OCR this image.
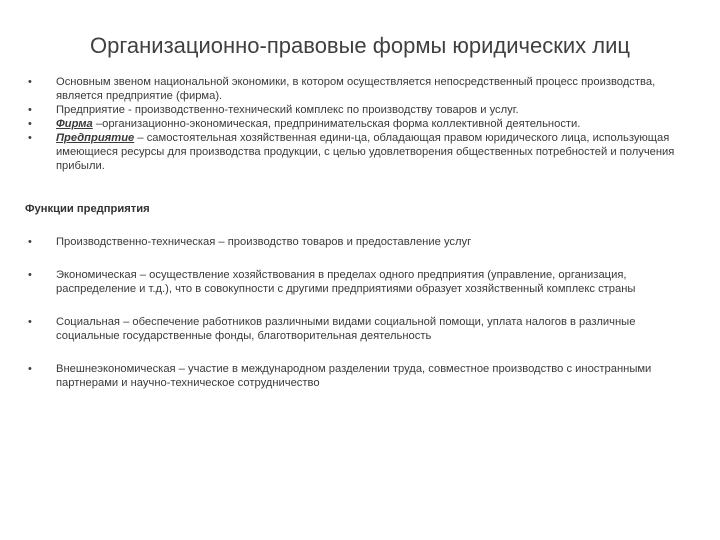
Организационно-правовые формы юридических лиц
• Основным звеном национальной экономики, в котором осуществляется непосредственный процесс производства, является предприятие (фирма).
• Предприятие - производственно-технический комплекс по производству товаров и услуг.
• Фирма –организационно-экономическая, предпринимательская форма коллективной деятельности.
• Предприятие – самостоятельная хозяйственная едини-ца, обладающая правом юридического лица, использующая имеющиеся ресурсы для производства продукции, с целью удовлетворения общественных потребностей и получения прибыли.
Функции предприятия
• Производственно-техническая – производство товаров и предоставление услуг
• Экономическая – осуществление хозяйствования в пределах одного предприятия (управление, организация, распределение и т.д.), что в совокупности с другими предприятиями образует хозяйственный комплекс страны
• Социальная – обеспечение работников различными видами социальной помощи, уплата налогов в различные социальные государственные фонды, благотворительная деятельность
• Внешнеэкономическая – участие в международном разделении труда, совместное производство с иностранными партнерами и научно-техническое сотрудничество
